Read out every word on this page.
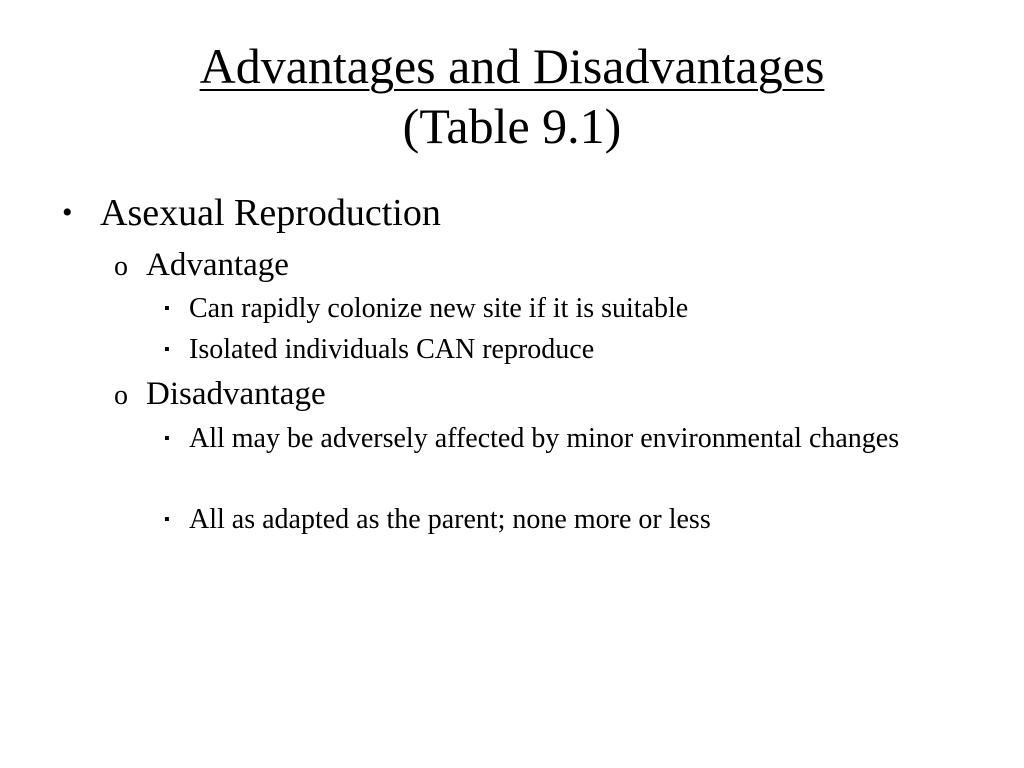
Advantages and Disadvantages
(Table 9.1)
• Asexual Reproduction
o Advantage
▪ Can rapidly colonize new site if it is suitable
▪ Isolated individuals CAN reproduce
o Disadvantage
▪ All may be adversely affected by minor environmental changes
▪ All as adapted as the parent; none more or less
